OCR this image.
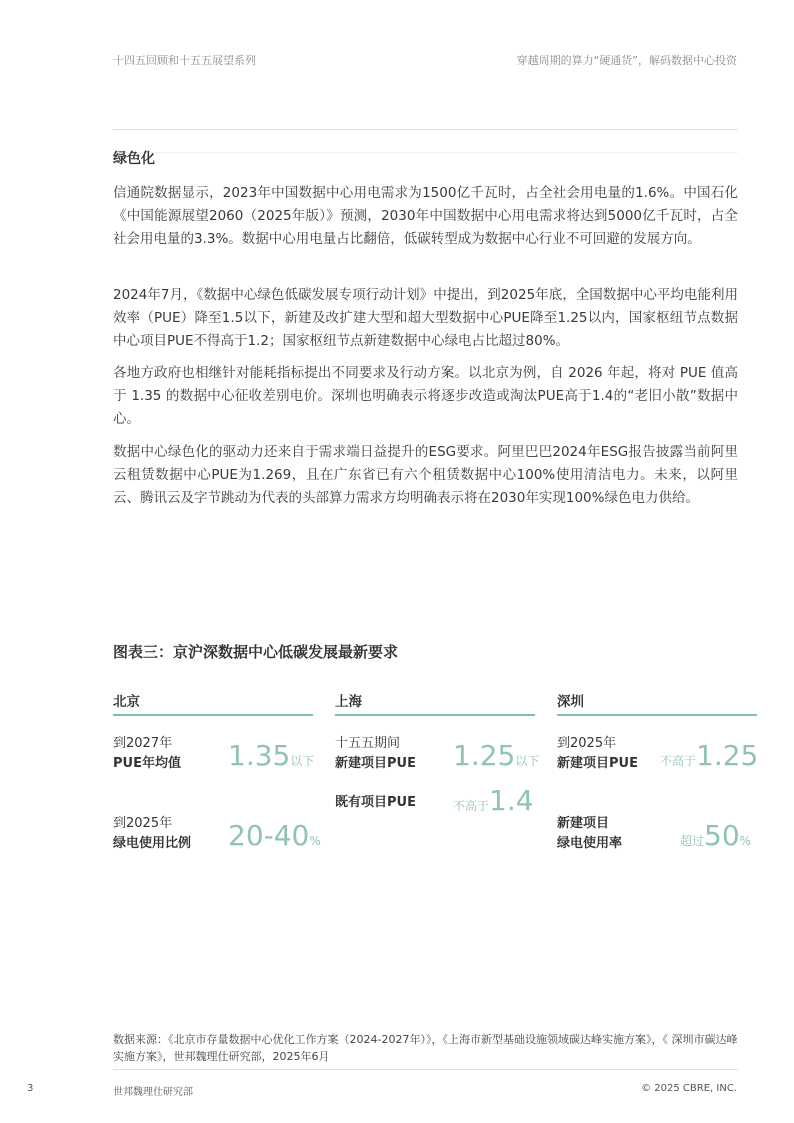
十四五回顾和十五五展望系列	穿越周期的算力“硬通货”，解码数据中心投资
绿色化

信通院数据显示，2023年中国数据中心用电需求为1500亿千瓦时，占全社会用电量的1.6%。中国石化《中国能源展望2060（2025年版）》预测，2030年中国数据中心用电需求将达到5000亿千瓦时，占全社会用电量的3.3%。数据中心用电量占比翻倍，低碳转型成为数据中心行业不可回避的发展方向。

2024年7月，《数据中心绿色低碳发展专项行动计划》中提出，到2025年底，全国数据中心平均电能利用效率（PUE）降至1.5以下，新建及改扩建大型和超大型数据中心PUE降至1.25以内，国家枢纽节点数据中心项目PUE不得高于1.2；国家枢纽节点新建数据中心绿电占比超过80%。

各地方政府也相继针对能耗指标提出不同要求及行动方案。以北京为例，自 2026 年起，将对 PUE 值高于 1.35 的数据中心征收差别电价。深圳也明确表示将逐步改造或淘汰PUE高于1.4的“老旧小散”数据中心。

数据中心绿色化的驱动力还来自于需求端日益提升的ESG要求。阿里巴巴2024年ESG报告披露当前阿里云租赁数据中心PUE为1.269，且在广东省已有六个租赁数据中心100%使用清洁电力。未来，以阿里云、腾讯云及字节跳动为代表的头部算力需求方均明确表示将在2030年实现100%绿色电力供给。

图表三：京沪深数据中心低碳发展最新要求
北京
到2027年
PUE年均值 1.35以下
到2025年
绿电使用比例 20-40%
上海
十五五期间
新建项目PUE 1.25以下
既有项目PUE	不高于1.4
深圳
到2025年
新建项目PUE 不高于1.25
新建项目
绿电使用率	超过50%
数据来源：《北京市存量数据中心优化工作方案（2024-2027年）》，《上海市新型基础设施领域碳达峰实施方案》，《 深圳市碳达峰实施方案》，世邦魏理仕研究部，2025年6月
3	世邦魏理仕研究部	© 2025 CBRE, INC.
